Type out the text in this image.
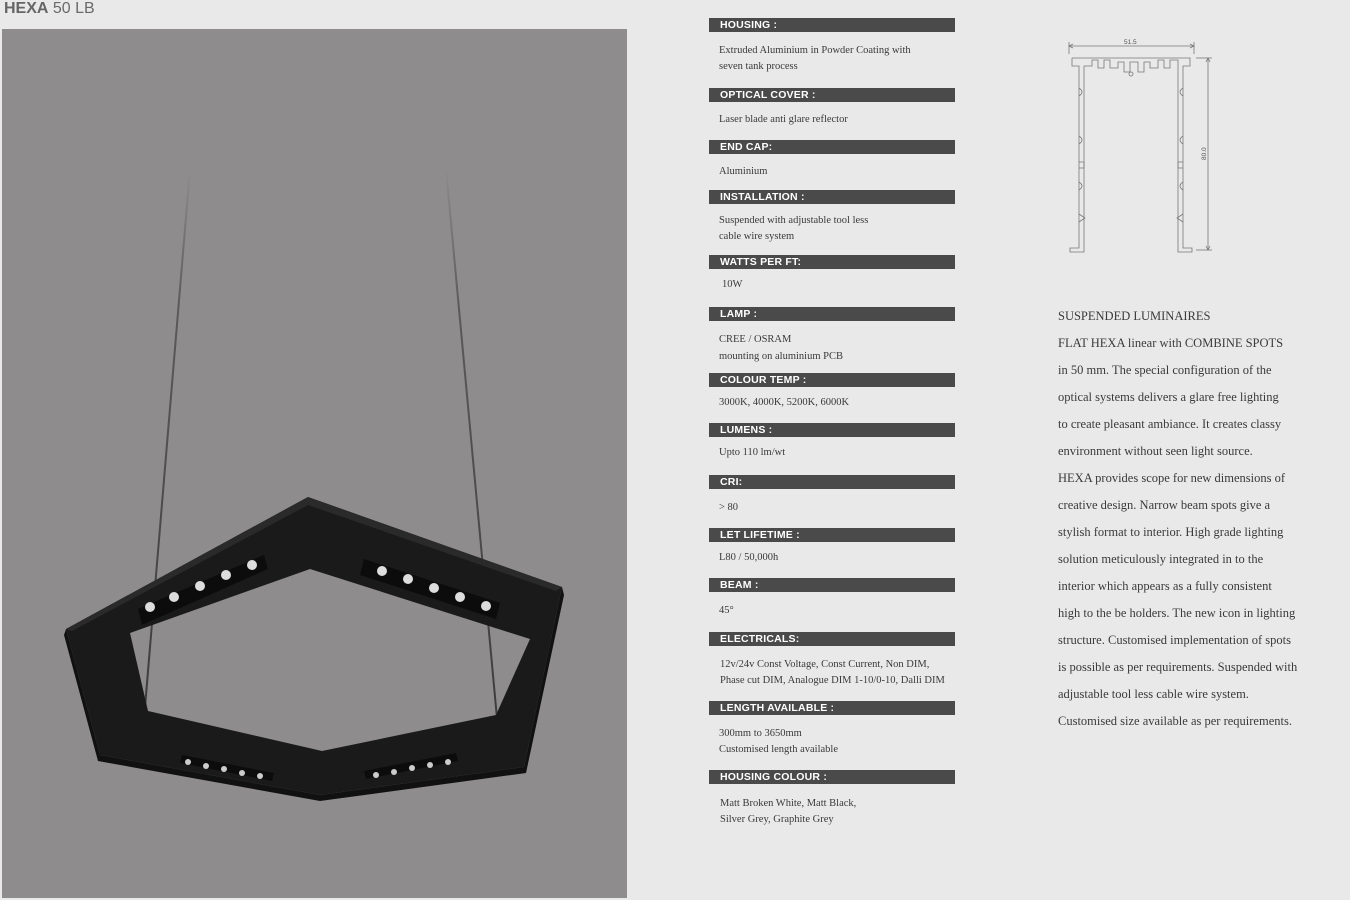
HEXA 50 LB
HOUSING :
Extruded Aluminium in Powder Coating with
seven tank process
OPTICAL COVER :
Laser blade anti glare reflector
END CAP:
Aluminium
INSTALLATION :
Suspended with adjustable tool less
cable wire system
WATTS PER FT:
10W
LAMP :
CREE / OSRAM
mounting on aluminium PCB
COLOUR TEMP :
3000K, 4000K, 5200K, 6000K
LUMENS :
Upto 110 lm/wt
CRI:
> 80
LET LIFETIME :
L80 / 50,000h
BEAM :
45°
ELECTRICALS:
12v/24v Const Voltage, Const Current, Non DIM,
Phase cut DIM, Analogue DIM 1-10/0-10, Dalli DIM
LENGTH AVAILABLE :
300mm to 3650mm
Customised length available
HOUSING COLOUR :
Matt Broken White, Matt Black,
Silver Grey, Graphite Grey
51.5
80.0
SUSPENDED LUMINAIRES
FLAT HEXA linear with COMBINE SPOTS
in 50 mm. The special configuration of the
optical systems delivers a glare free lighting
to create pleasant ambiance. It creates classy
environment without seen light source.
HEXA provides scope for new dimensions of
creative design. Narrow beam spots give a
stylish format to interior. High grade lighting
solution meticulously integrated in to the
interior which appears as a fully consistent
high to the be holders. The new icon in lighting
structure. Customised implementation of spots
is possible as per requirements. Suspended with
adjustable tool less cable wire system.
Customised size available as per requirements.
